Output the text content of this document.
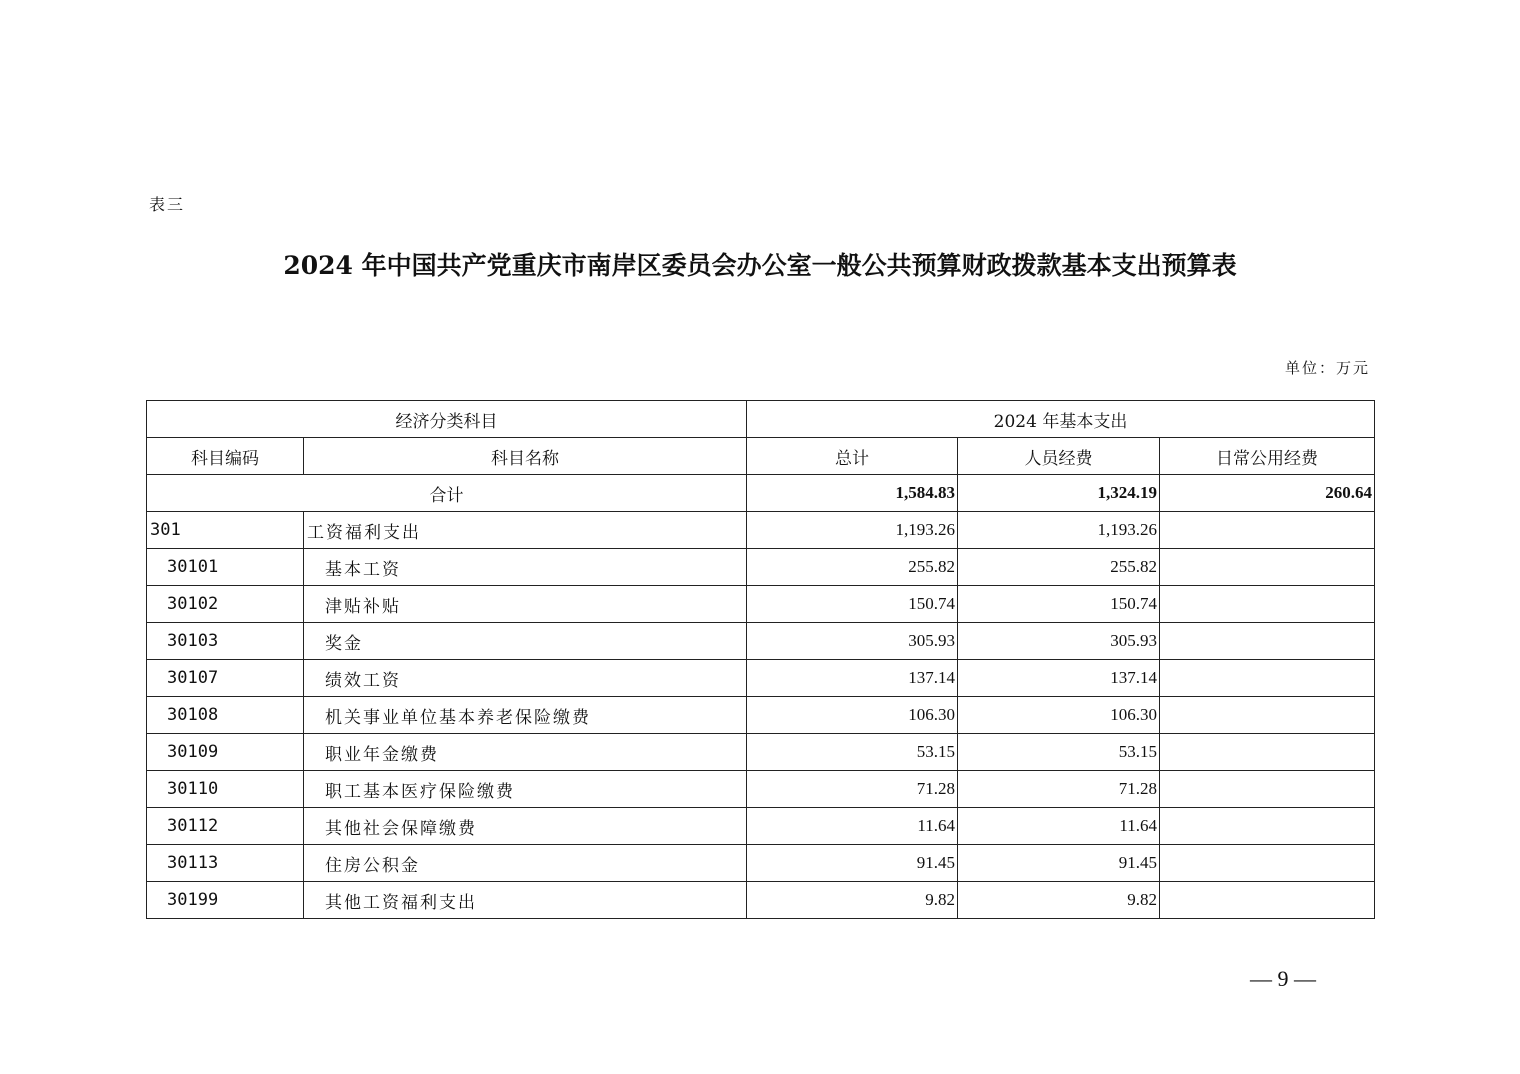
表三
2024 年中国共产党重庆市南岸区委员会办公室一般公共预算财政拨款基本支出预算表
单位：万元
经济分类科目		2024 年基本支出		
科目编码	科目名称	总计	人员经费	日常公用经费
合计		1,584.83	1,324.19	260.64
301	工资福利支出	1,193.26	1,193.26	
30101	基本工资	255.82	255.82	
30102	津贴补贴	150.74	150.74	
30103	奖金	305.93	305.93	
30107	绩效工资	137.14	137.14	
30108	机关事业单位基本养老保险缴费	106.30	106.30	
30109	职业年金缴费	53.15	53.15	
30110	职工基本医疗保险缴费	71.28	71.28	
30112	其他社会保障缴费	11.64	11.64	
30113	住房公积金	91.45	91.45	
30199	其他工资福利支出	9.82	9.82	
— 9 —
